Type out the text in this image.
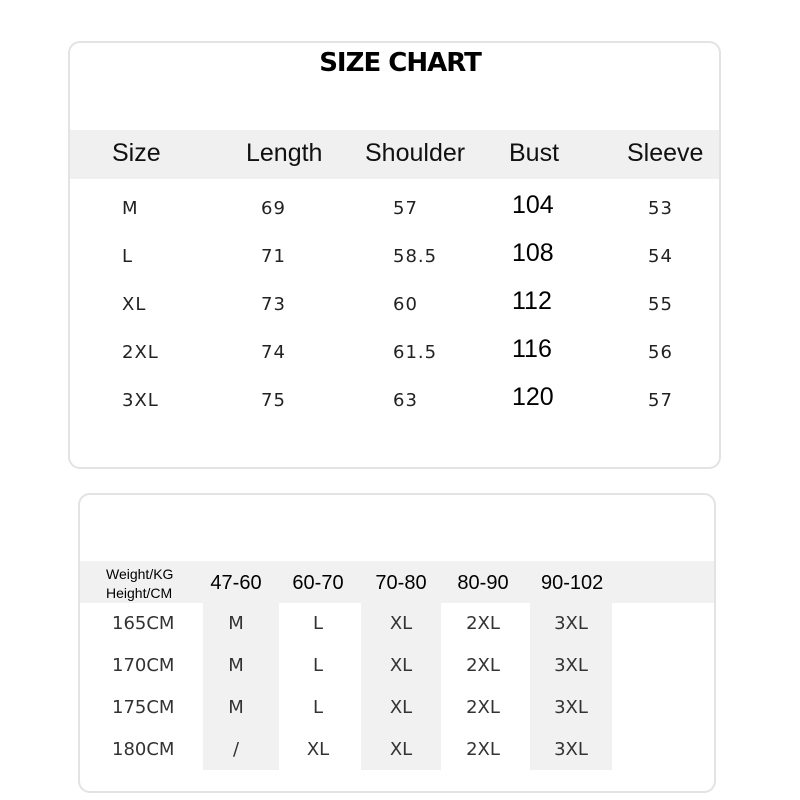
SIZE CHART
Size	Length Shoulder Bust	Sleeve
M	69	57	104	53
L	71	58.5	108	54
XL	73	60	112	55
2XL	74	61.5	116	56
3XL	75	63	120	57
Weight/KG
Height/CM 47-60 60-70 70-80 80-90 90-102
165CM	M	L	XL	2XL	3XL
170CM	M	L	XL	2XL	3XL
175CM	M	L	XL	2XL	3XL
180CM	/	XL	XL	2XL	3XL
